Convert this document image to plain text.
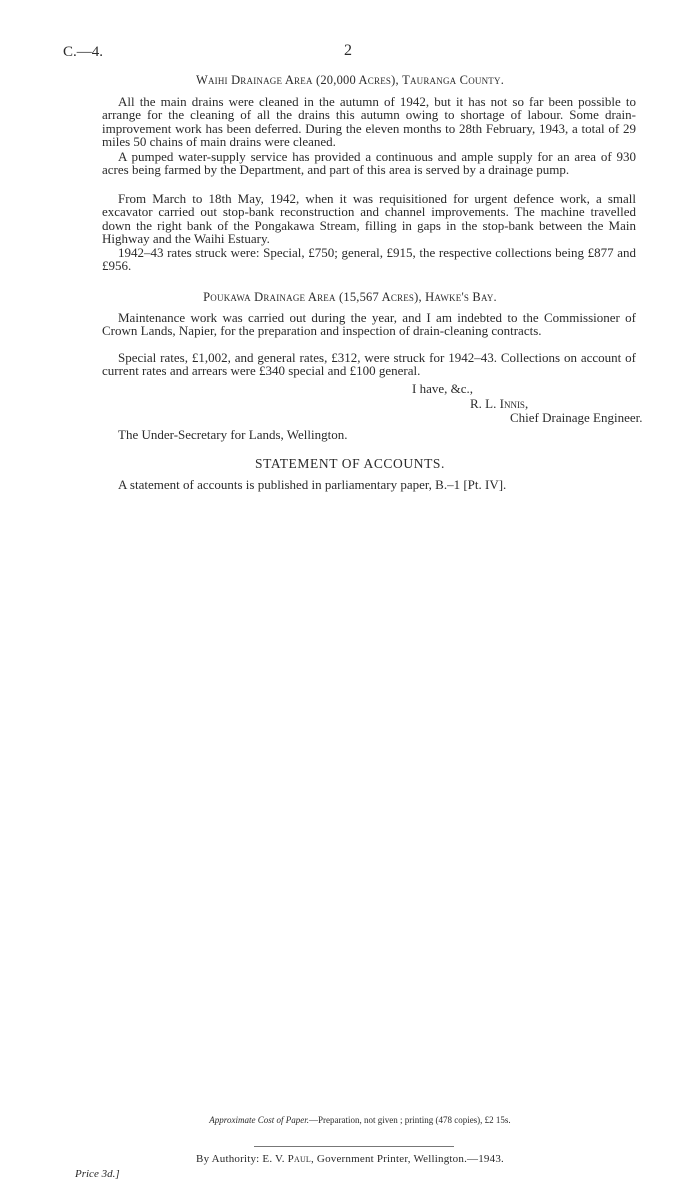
C.—4.	2
Waihi Drainage Area (20,000 Acres), Tauranga County.
All the main drains were cleaned in the autumn of 1942, but it has not so far been possible to arrange for the cleaning of all the drains this autumn owing to shortage of labour. Some drain-improvement work has been deferred. During the eleven months to 28th February, 1943, a total of 29 miles 50 chains of main drains were cleaned.
A pumped water-supply service has provided a continuous and ample supply for an area of 930 acres being farmed by the Department, and part of this area is served by a drainage pump.
From March to 18th May, 1942, when it was requisitioned for urgent defence work, a small excavator carried out stop-bank reconstruction and channel improvements. The machine travelled down the right bank of the Pongakawa Stream, filling in gaps in the stop-bank between the Main Highway and the Waihi Estuary.
1942–43 rates struck were: Special, £750; general, £915, the respective collections being £877 and £956.
Poukawa Drainage Area (15,567 Acres), Hawke's Bay.
Maintenance work was carried out during the year, and I am indebted to the Commissioner of Crown Lands, Napier, for the preparation and inspection of drain-cleaning contracts.
Special rates, £1,002, and general rates, £312, were struck for 1942–43. Collections on account of current rates and arrears were £340 special and £100 general.
I have, &c.,
R. L. Innis,
Chief Drainage Engineer.
The Under-Secretary for Lands, Wellington.
STATEMENT OF ACCOUNTS.
A statement of accounts is published in parliamentary paper, B.–1 [Pt. IV].
Approximate Cost of Paper.—Preparation, not given ; printing (478 copies), £2 15s.
By Authority: E. V. Paul, Government Printer, Wellington.—1943.
Price 3d.]
